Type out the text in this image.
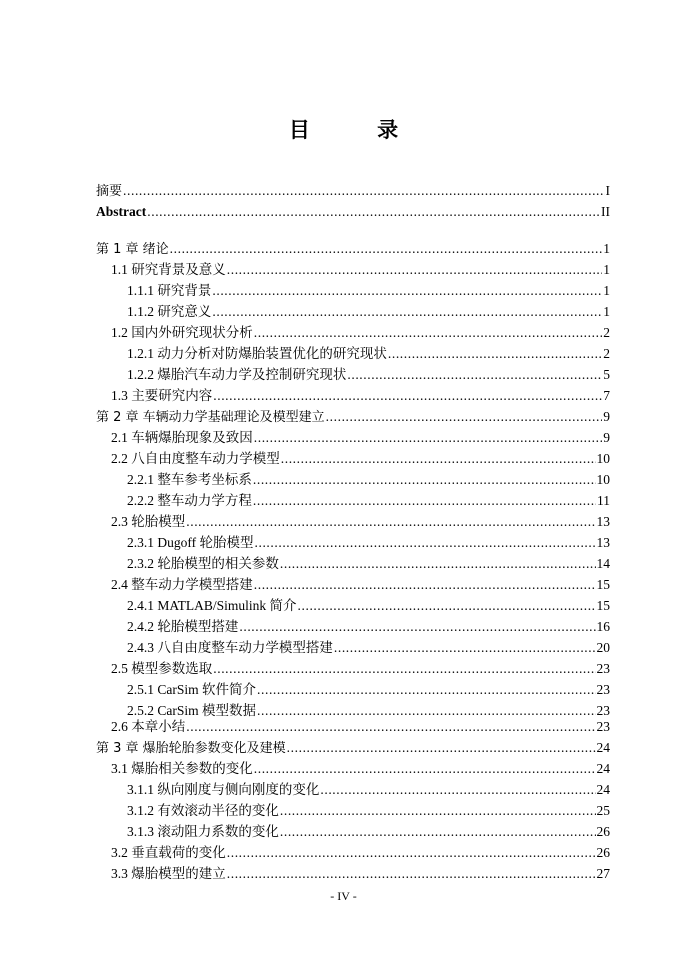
目 录
摘要 .....	I
Abstract .....	II
第 1 章 绪论 .....	1
1.1 研究背景及意义 .....	1
1.1.1 研究背景 .....	1
1.1.2 研究意义 .....	1
1.2 国内外研究现状分析 .....	2
1.2.1 动力分析对防爆胎装置优化的研究现状 .....	2
1.2.2 爆胎汽车动力学及控制研究现状 .....	5
1.3 主要研究内容 .....	7
第 2 章 车辆动力学基础理论及模型建立 .....	9
2.1 车辆爆胎现象及致因 .....	9
2.2 八自由度整车动力学模型 .....	10
2.2.1 整车参考坐标系 .....	10
2.2.2 整车动力学方程 .....	11
2.3 轮胎模型 .....	13
2.3.1 Dugoff 轮胎模型 .....	13
2.3.2 轮胎模型的相关参数 .....	14
2.4 整车动力学模型搭建 .....	15
2.4.1 MATLAB/Simulink 简介 .....	15
2.4.2 轮胎模型搭建 .....	16
2.4.3 八自由度整车动力学模型搭建 .....	20
2.5 模型参数选取 .....	23
2.5.1 CarSim 软件简介 .....	23
2.5.2 CarSim 模型数据 .....	23
2.6 本章小结 .....	23
第 3 章 爆胎轮胎参数变化及建模 .....	24
3.1 爆胎相关参数的变化 .....	24
3.1.1 纵向刚度与侧向刚度的变化 .....	24
3.1.2 有效滚动半径的变化 .....	25
3.1.3 滚动阻力系数的变化 .....	26
3.2 垂直载荷的变化 .....	26
3.3 爆胎模型的建立 .....	27
- IV -
